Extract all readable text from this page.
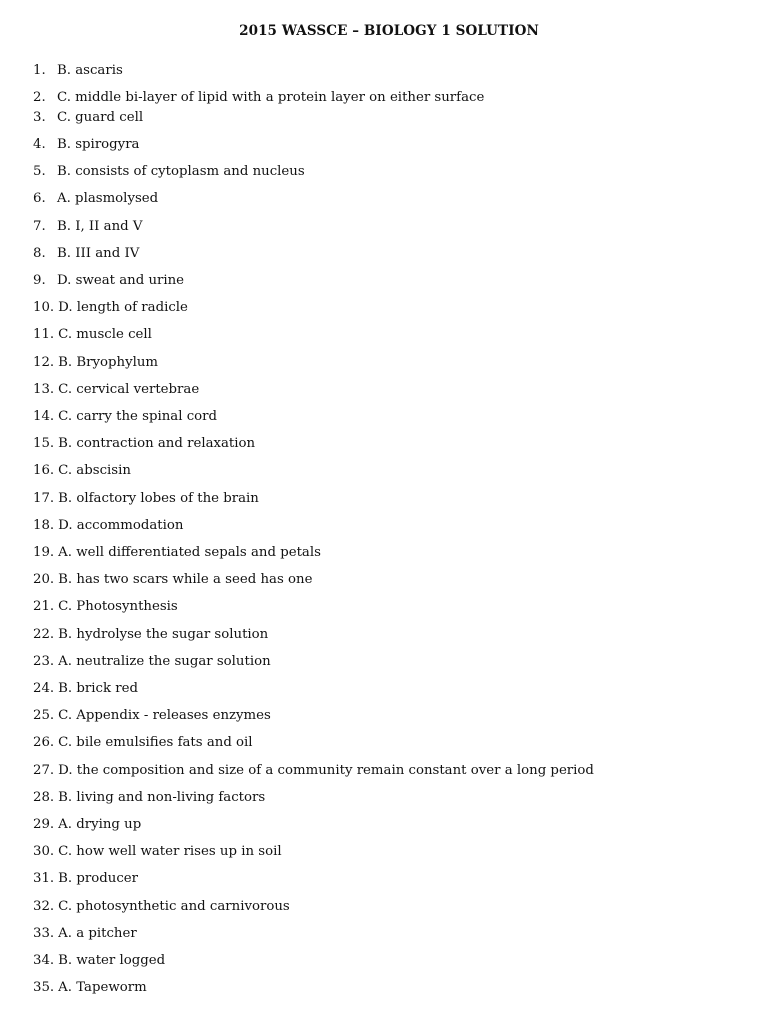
2015 WASSCE – BIOLOGY 1 SOLUTION
1. B. ascaris
2. C. middle bi-layer of lipid with a protein layer on either surface
3. C. guard cell
4. B. spirogyra
5. B. consists of cytoplasm and nucleus
6. A. plasmolysed
7. B. I, II and V
8. B. III and IV
9. D. sweat and urine
10. D. length of radicle
11. C. muscle cell
12. B. Bryophylum
13. C. cervical vertebrae
14. C. carry the spinal cord
15. B. contraction and relaxation
16. C. abscisin
17. B. olfactory lobes of the brain
18. D. accommodation
19. A. well differentiated sepals and petals
20. B. has two scars while a seed has one
21. C. Photosynthesis
22. B. hydrolyse the sugar solution
23. A. neutralize the sugar solution
24. B. brick red
25. C. Appendix - releases enzymes
26. C. bile emulsifies fats and oil
27. D. the composition and size of a community remain constant over a long period
28. B. living and non-living factors
29. A. drying up
30. C. how well water rises up in soil
31. B. producer
32. C. photosynthetic and carnivorous
33. A. a pitcher
34. B. water logged
35. A. Tapeworm
